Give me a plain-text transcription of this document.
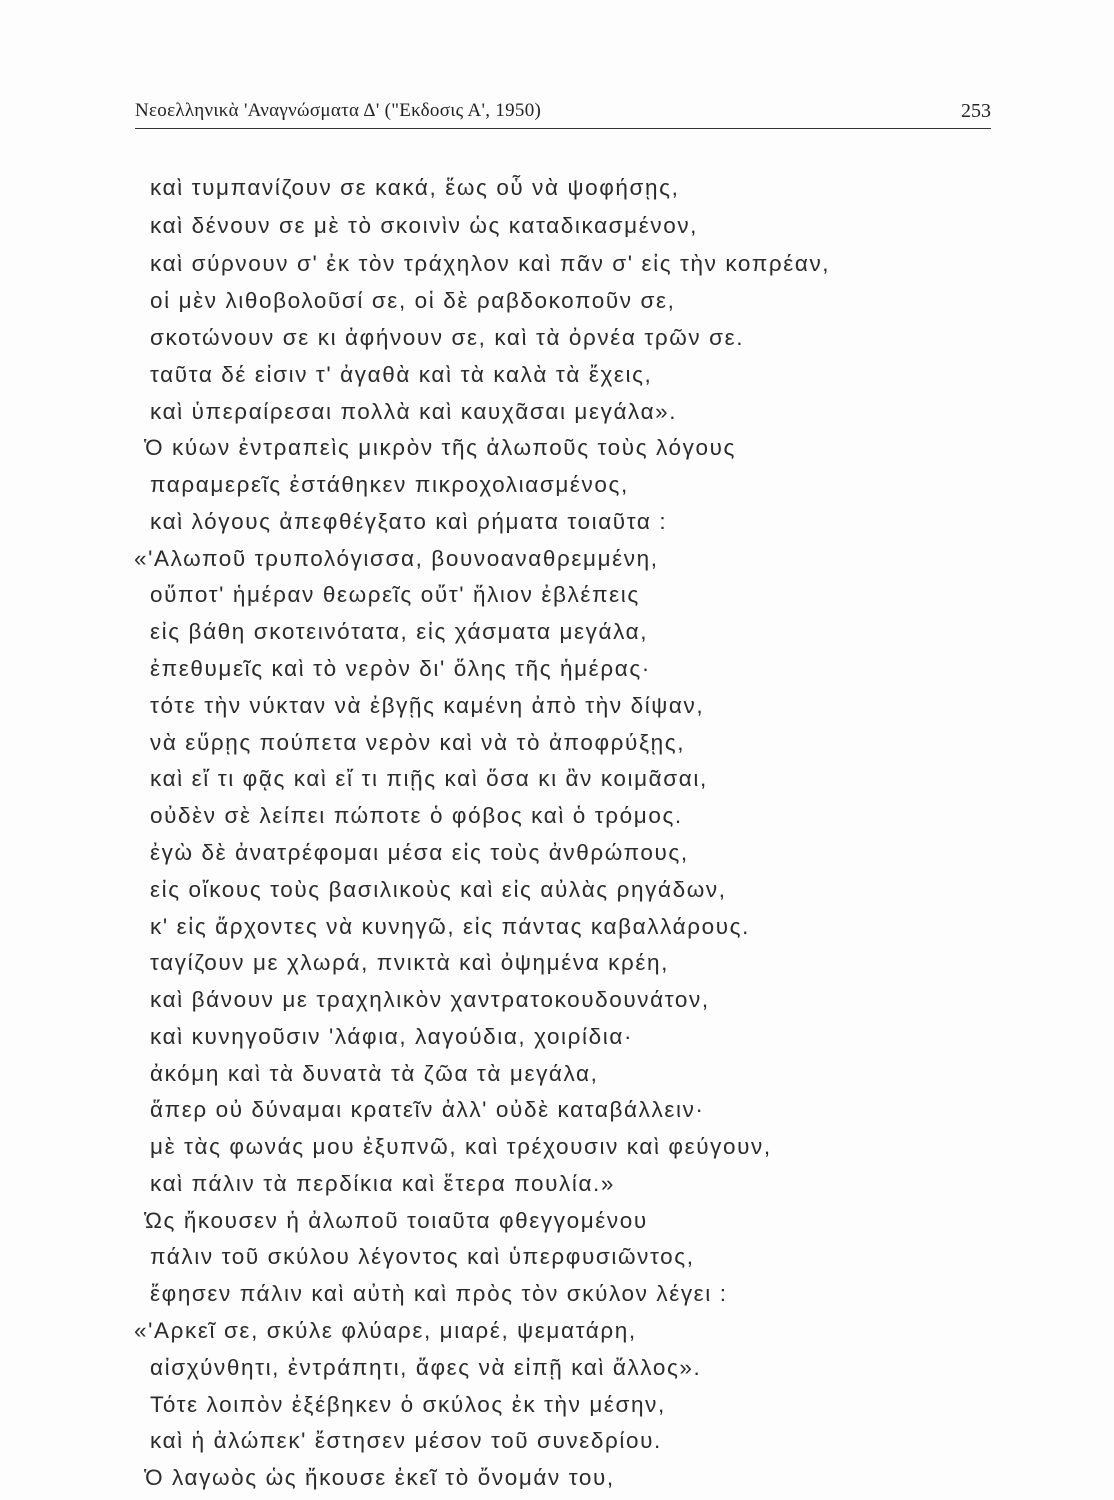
Νεοελληνικὰ 'Αναγνώσματα Δ' ("Εκδοσις Α', 1950)	253
καὶ τυμπανίζουν σε κακά, ἕως οὗ νὰ ψοφήσῃς,
καὶ δένουν σε μὲ τὸ σκοινὶν ὡς καταδικασμένον,
καὶ σύρνουν σ' ἐκ τὸν τράχηλον καὶ πᾶν σ' εἰς τὴν κοπρέαν,
οἱ μὲν λιθοβολοῦσί σε, οἱ δὲ ραβδοκοποῦν σε,
σκοτώνουν σε κι ἀφήνουν σε, καὶ τὰ ὀρνέα τρῶν σε.
ταῦτα δέ εἰσιν τ' ἀγαθὰ καὶ τὰ καλὰ τὰ ἔχεις,
καὶ ὑπεραίρεσαι πολλὰ καὶ καυχᾶσαι μεγάλα».
Ὁ κύων ἐντραπεὶς μικρὸν τῆς ἀλωποῦς τοὺς λόγους
παραμερεῖς ἐστάθηκεν πικροχολιασμένος,
καὶ λόγους ἀπεφθέγξατο καὶ ρήματα τοιαῦτα :
«'Αλωποῦ τρυπολόγισσα, βουνοαναθρεμμένη,
οὔποτ' ἡμέραν θεωρεῖς οὔτ' ἥλιον ἐβλέπεις
εἰς βάθη σκοτεινότατα, εἰς χάσματα μεγάλα,
ἐπεθυμεῖς καὶ τὸ νερὸν δι' ὅλης τῆς ἡμέρας·
τότε τὴν νύκταν νὰ ἐβγῇς καμένη ἀπὸ τὴν δίψαν,
νὰ εὕρῃς πούπετα νερὸν καὶ νὰ τὸ ἀποφρύξῃς,
καὶ εἴ τι φᾷς καὶ εἴ τι πιῇς καὶ ὅσα κι ἂν κοιμᾶσαι,
οὐδὲν σὲ λείπει πώποτε ὁ φόβος καὶ ὁ τρόμος.
ἐγὼ δὲ ἀνατρέφομαι μέσα εἰς τοὺς ἀνθρώπους,
εἰς οἴκους τοὺς βασιλικοὺς καὶ εἰς αὐλὰς ρηγάδων,
κ' εἰς ἄρχοντες νὰ κυνηγῶ, εἰς πάντας καβαλλάρους.
ταγίζουν με χλωρά, πνικτὰ καὶ ὀψημένα κρέη,
καὶ βάνουν με τραχηλικὸν χαντρατοκουδουνάτον,
καὶ κυνηγοῦσιν 'λάφια, λαγούδια, χοιρίδια·
ἀκόμη καὶ τὰ δυνατὰ τὰ ζῶα τὰ μεγάλα,
ἅπερ οὐ δύναμαι κρατεῖν ἀλλ' οὐδὲ καταβάλλειν·
μὲ τὰς φωνάς μου ἐξυπνῶ, καὶ τρέχουσιν καὶ φεύγουν,
καὶ πάλιν τὰ περδίκια καὶ ἕτερα πουλία.»
Ὡς ἤκουσεν ἡ ἀλωποῦ τοιαῦτα φθεγγομένου
πάλιν τοῦ σκύλου λέγοντος καὶ ὑπερφυσιῶντος,
ἔφησεν πάλιν καὶ αὐτὴ καὶ πρὸς τὸν σκύλον λέγει :
«'Αρκεῖ σε, σκύλε φλύαρε, μιαρέ, ψεματάρη,
αἰσχύνθητι, ἐντράπητι, ἄφες νὰ εἰπῇ καὶ ἄλλος».
Τότε λοιπὸν ἐξέβηκεν ὁ σκύλος ἐκ τὴν μέσην,
καὶ ἡ ἀλώπεκ' ἔστησεν μέσον τοῦ συνεδρίου.
Ὁ λαγωὸς ὡς ἤκουσε ἐκεῖ τὸ ὄνομάν του,
